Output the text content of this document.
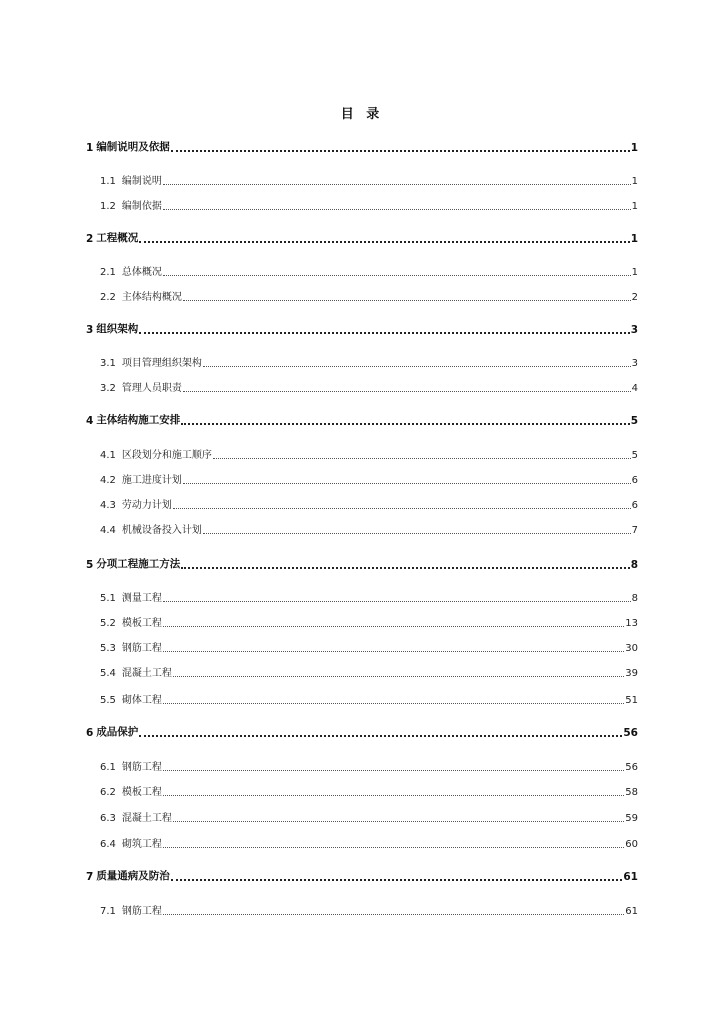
目 录
1 编制说明及依据	1
1.1 编制说明	1
1.2 编制依据	1
2 工程概况	1
2.1 总体概况	1
2.2 主体结构概况	2
3 组织架构	3
3.1 项目管理组织架构	3
3.2 管理人员职责	4
4 主体结构施工安排	5
4.1 区段划分和施工顺序	5
4.2 施工进度计划	6
4.3 劳动力计划	6
4.4 机械设备投入计划	7
5 分项工程施工方法	8
5.1 测量工程	8
5.2 模板工程	13
5.3 钢筋工程	30
5.4 混凝土工程	39
5.5 砌体工程	51
6 成品保护	56
6.1 钢筋工程	56
6.2 模板工程	58
6.3 混凝土工程	59
6.4 砌筑工程	60
7 质量通病及防治	61
7.1 钢筋工程	61
